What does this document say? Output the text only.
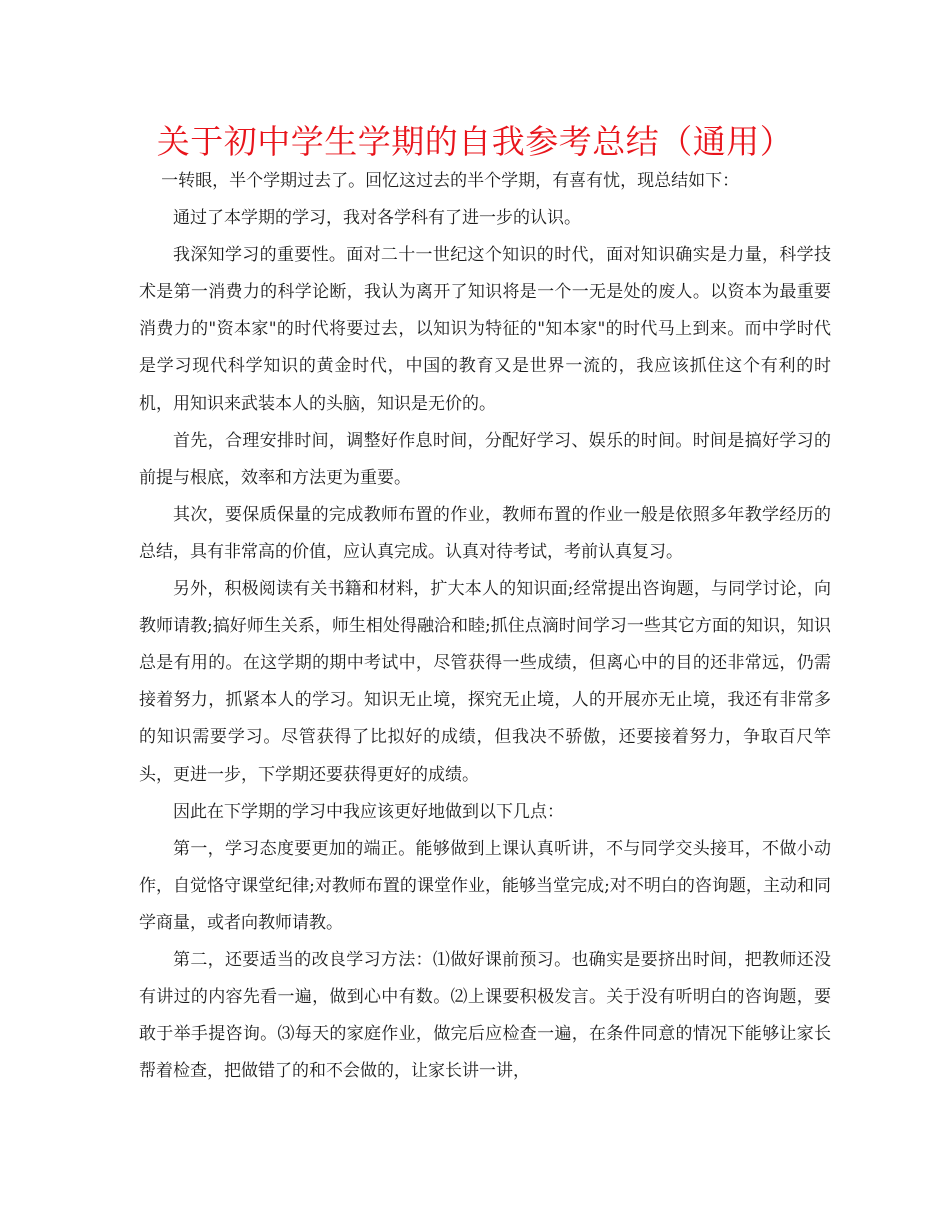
关于初中学生学期的自我参考总结（通用）

一转眼，半个学期过去了。回忆这过去的半个学期，有喜有忧，现总结如下：

通过了本学期的学习，我对各学科有了进一步的认识。

我深知学习的重要性。面对二十一世纪这个知识的时代，面对知识确实是力量，科学技术是第一消费力的科学论断，我认为离开了知识将是一个一无是处的废人。以资本为最重要消费力的"资本家"的时代将要过去，以知识为特征的"知本家"的时代马上到来。而中学时代是学习现代科学知识的黄金时代，中国的教育又是世界一流的，我应该抓住这个有利的时机，用知识来武装本人的头脑，知识是无价的。

首先，合理安排时间，调整好作息时间，分配好学习、娱乐的时间。时间是搞好学习的前提与根底，效率和方法更为重要。

其次，要保质保量的完成教师布置的作业，教师布置的作业一般是依照多年教学经历的总结，具有非常高的价值，应认真完成。认真对待考试，考前认真复习。

另外，积极阅读有关书籍和材料，扩大本人的知识面;经常提出咨询题，与同学讨论，向教师请教;搞好师生关系，师生相处得融洽和睦;抓住点滴时间学习一些其它方面的知识，知识总是有用的。在这学期的期中考试中，尽管获得一些成绩，但离心中的目的还非常远，仍需接着努力，抓紧本人的学习。知识无止境，探究无止境，人的开展亦无止境，我还有非常多的知识需要学习。尽管获得了比拟好的成绩，但我决不骄傲，还要接着努力，争取百尺竿头，更进一步，下学期还要获得更好的成绩。

因此在下学期的学习中我应该更好地做到以下几点：

第一，学习态度要更加的端正。能够做到上课认真听讲，不与同学交头接耳，不做小动作，自觉恪守课堂纪律;对教师布置的课堂作业，能够当堂完成;对不明白的咨询题，主动和同学商量，或者向教师请教。

第二，还要适当的改良学习方法：⑴做好课前预习。也确实是要挤出时间，把教师还没有讲过的内容先看一遍，做到心中有数。⑵上课要积极发言。关于没有听明白的咨询题，要敢于举手提咨询。⑶每天的家庭作业，做完后应检查一遍，在条件同意的情况下能够让家长帮着检查，把做错了的和不会做的，让家长讲一讲，
